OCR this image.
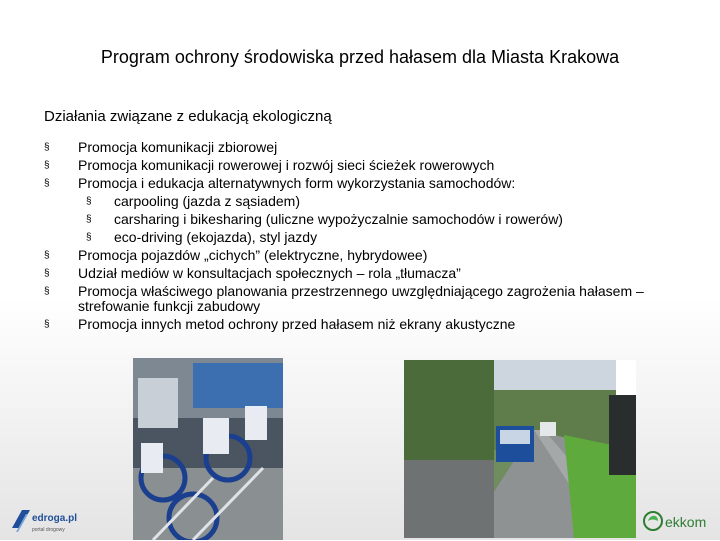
Program ochrony środowiska przed hałasem dla Miasta Krakowa
Działania związane z edukacją ekologiczną
§ Promocja komunikacji zbiorowej
§ Promocja komunikacji rowerowej i rozwój sieci ścieżek rowerowych
§ Promocja i edukacja alternatywnych form wykorzystania samochodów:
§ carpooling (jazda z sąsiadem)
§ carsharing i bikesharing (uliczne wypożyczalnie samochodów i rowerów)
§ eco-driving (ekojazda), styl jazdy
§ Promocja pojazdów „cichych” (elektryczne, hybrydowee)
§ Udział mediów w konsultacjach społecznych – rola „tłumacza”
§ Promocja właściwego planowania przestrzennego uwzględniającego zagrożenia hałasem – strefowanie funkcji zabudowy
§ Promocja innych metod ochrony przed hałasem niż ekrany akustyczne
edroga.pl
portal drogowy	ekkom
